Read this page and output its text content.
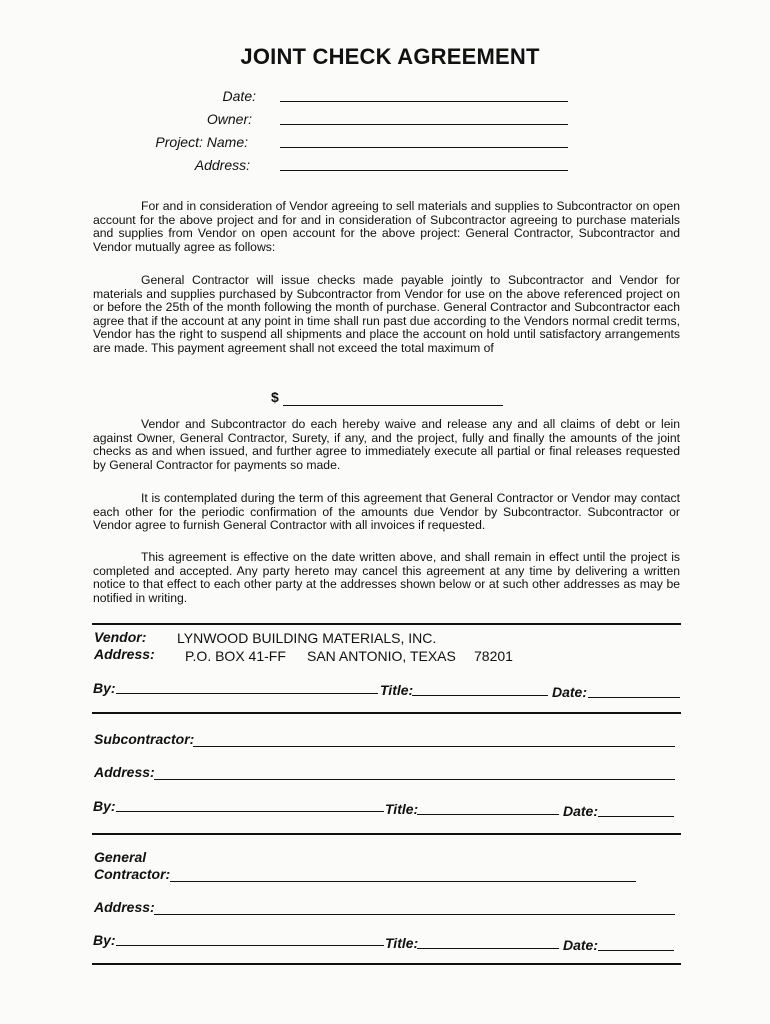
JOINT CHECK AGREEMENT
Date:
Owner:
Project: Name:
Address:
For and in consideration of Vendor agreeing to sell materials and supplies to Subcontractor on open account for the above project and for and in consideration of Subcontractor agreeing to purchase materials and supplies from Vendor on open account for the above project: General Contractor, Subcontractor and Vendor mutually agree as follows:
General Contractor will issue checks made payable jointly to Subcontractor and Vendor for materials and supplies purchased by Subcontractor from Vendor for use on the above referenced project on or before the 25th of the month following the month of purchase. General Contractor and Subcontractor each agree that if the account at any point in time shall run past due according to the Vendors normal credit terms, Vendor has the right to suspend all shipments and place the account on hold until satisfactory arrangements are made. This payment agreement shall not exceed the total maximum of
$
Vendor and Subcontractor do each hereby waive and release any and all claims of debt or lein against Owner, General Contractor, Surety, if any, and the project, fully and finally the amounts of the joint checks as and when issued, and further agree to immediately execute all partial or final releases requested by General Contractor for payments so made.
It is contemplated during the term of this agreement that General Contractor or Vendor may contact each other for the periodic confirmation of the amounts due Vendor by Subcontractor. Subcontractor or Vendor agree to furnish General Contractor with all invoices if requested.
This agreement is effective on the date written above, and shall remain in effect until the project is completed and accepted. Any party hereto may cancel this agreement at any time by delivering a written notice to that effect to each other party at the addresses shown below or at such other addresses as may be notified in writing.
Vendor: LYNWOOD BUILDING MATERIALS, INC.
Address: P.O. BOX 41-FF SAN ANTONIO, TEXAS 78201
By:	Title:	Date:
Subcontractor:
Address:
By:	Title:	Date:
General
Contractor:
Address:
By:	Title:	Date:
